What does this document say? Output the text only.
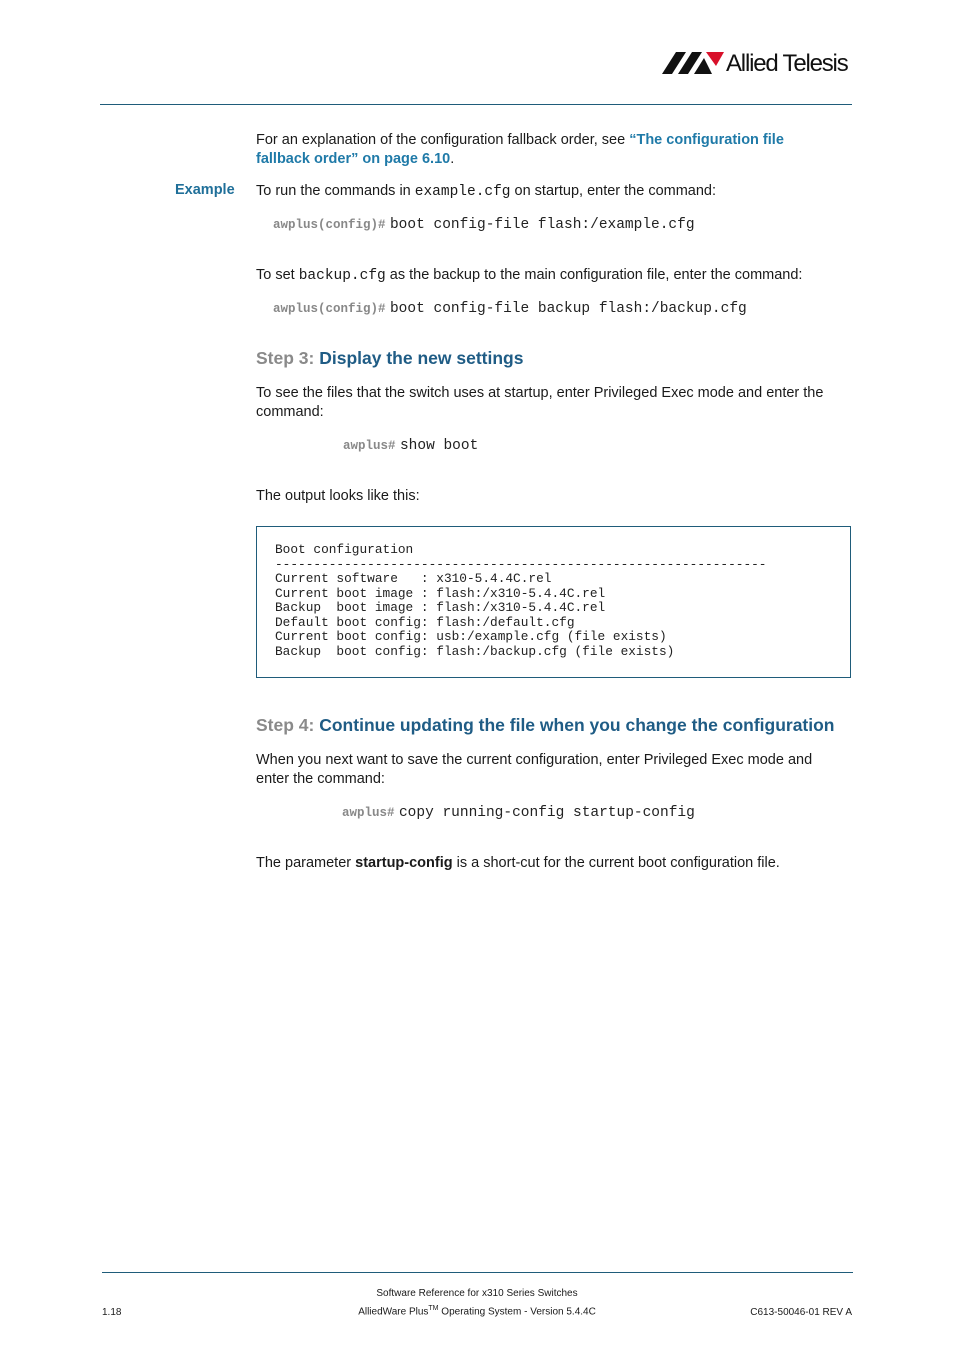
Allied Telesis
For an explanation of the configuration fallback order, see “The configuration file
fallback order” on page 6.10.
Example To run the commands in example.cfg on startup, enter the command:
awplus(config)# boot config-file flash:/example.cfg
To set backup.cfg as the backup to the main configuration file, enter the command:
awplus(config)# boot config-file backup flash:/backup.cfg
Step 3: Display the new settings
To see the files that the switch uses at startup, enter Privileged Exec mode and enter the
command:
awplus# show boot
The output looks like this:
Boot configuration
----------------------------------------------------------------
Current software   : x310-5.4.4C.rel
Current boot image : flash:/x310-5.4.4C.rel
Backup  boot image : flash:/x310-5.4.4C.rel
Default boot config: flash:/default.cfg
Current boot config: usb:/example.cfg (file exists)
Backup  boot config: flash:/backup.cfg (file exists)
Step 4: Continue updating the file when you change the configuration
When you next want to save the current configuration, enter Privileged Exec mode and
enter the command:
awplus# copy running-config startup-config
The parameter startup-config is a short-cut for the current boot configuration file.
Software Reference for x310 Series Switches
AlliedWare Plus™ Operating System - Version 5.4.4C
1.18	C613-50046-01 REV A
